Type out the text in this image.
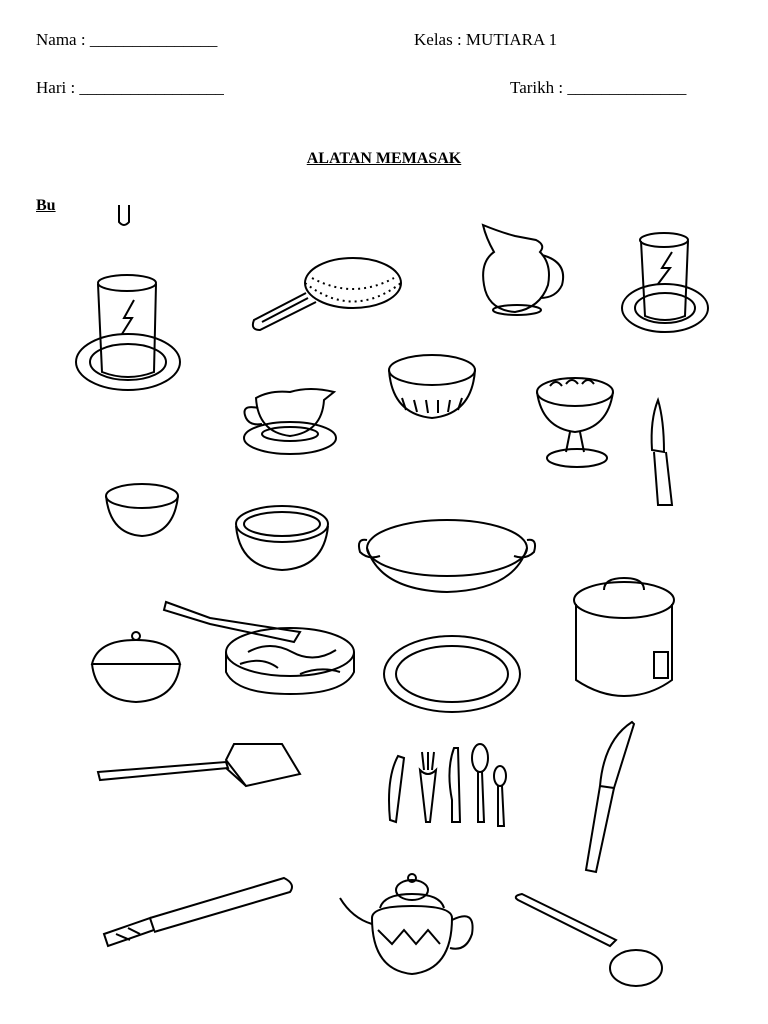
Nama : _______________	Kelas : MUTIARA 1
Hari : _________________	Tarikh : ______________
ALATAN MEMASAK
Bu
